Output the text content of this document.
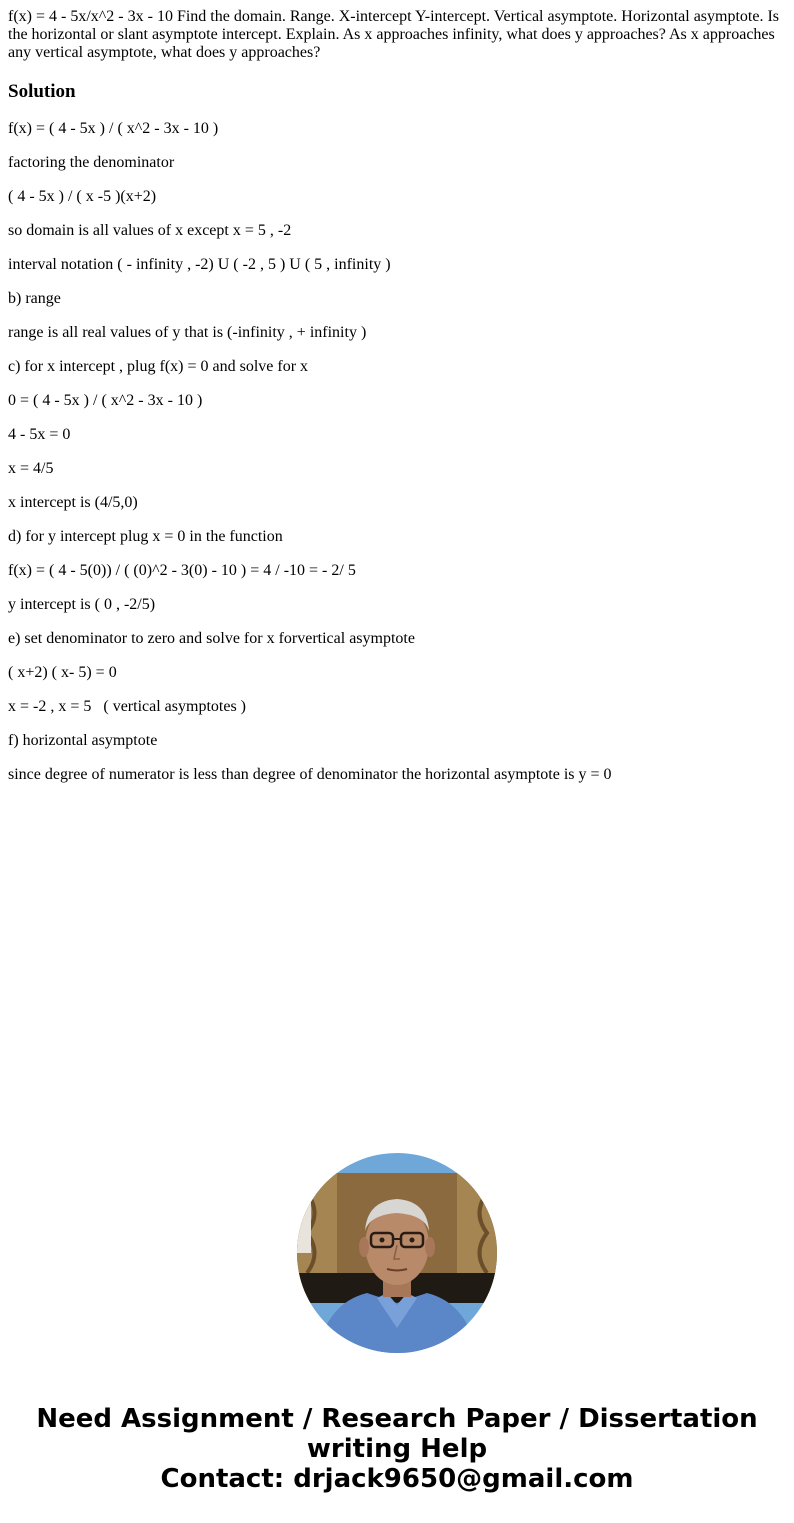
f(x) = 4 - 5x/x^2 - 3x - 10 Find the domain. Range. X-intercept Y-intercept. Vertical asymptote. Horizontal asymptote. Is the horizontal or slant asymptote intercept. Explain. As x approaches infinity, what does y approaches? As x approaches any vertical asymptote, what does y approaches?

Solution
f(x) = ( 4 - 5x ) / ( x^2 - 3x - 10 )
factoring the denominator
( 4 - 5x ) / ( x -5 )(x+2)
so domain is all values of x except x = 5 , -2
interval notation ( - infinity , -2) U ( -2 , 5 ) U ( 5 , infinity )
b) range
range is all real values of y that is (-infinity , + infinity )
c) for x intercept , plug f(x) = 0 and solve for x
0 = ( 4 - 5x ) / ( x^2 - 3x - 10 )
4 - 5x = 0
x = 4/5
x intercept is (4/5,0)
d) for y intercept plug x = 0 in the function
f(x) = ( 4 - 5(0)) / ( (0)^2 - 3(0) - 10 ) = 4 / -10 = - 2/ 5
y intercept is ( 0 , -2/5)
e) set denominator to zero and solve for x forvertical asymptote
( x+2) ( x- 5) = 0
x = -2 , x = 5   ( vertical asymptotes )
f) horizontal asymptote
since degree of numerator is less than degree of denominator the horizontal asymptote is y = 0
Need Assignment / Research Paper / Dissertation
writing Help
Contact: drjack9650@gmail.com
